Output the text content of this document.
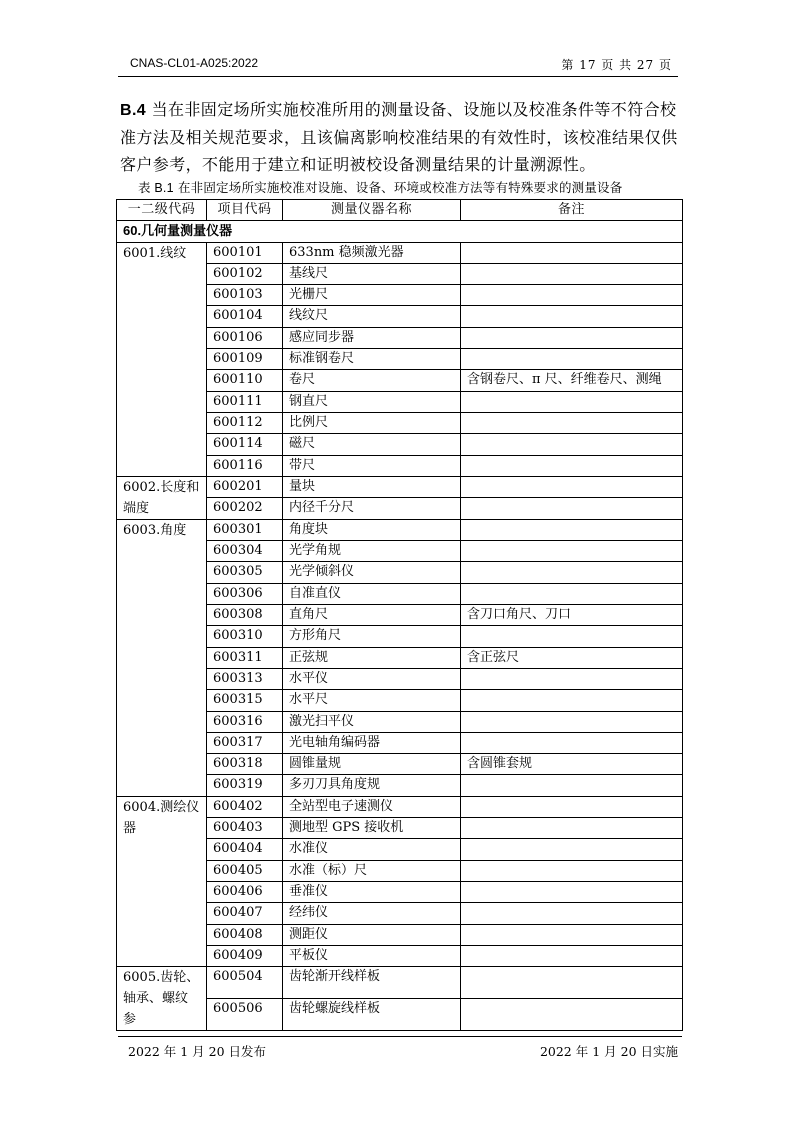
CNAS-CL01-A025:2022	第 17 页 共 27 页
B.4 当在非固定场所实施校准所用的测量设备、设施以及校准条件等不符合校准方法及相关规范要求，且该偏离影响校准结果的有效性时，该校准结果仅供客户参考，不能用于建立和证明被校设备测量结果的计量溯源性。
表 B.1 在非固定场所实施校准对设施、设备、环境或校准方法等有特殊要求的测量设备
一二级代码	项目代码	测量仪器名称	备注
60.几何量测量仪器			
6001.线纹	600101	633nm 稳频激光器	
	600102	基线尺	
	600103	光栅尺	
	600104	线纹尺	
	600106	感应同步器	
	600109	标准钢卷尺	
	600110	卷尺	含钢卷尺、π 尺、纤维卷尺、测绳
	600111	钢直尺	
	600112	比例尺	
	600114	磁尺	
	600116	带尺	
6002.长度和端度	600201	量块	
	600202	内径千分尺	
6003.角度	600301	角度块	
	600304	光学角规	
	600305	光学倾斜仪	
	600306	自准直仪	
	600308	直角尺	含刀口角尺、刀口
	600310	方形角尺	
	600311	正弦规	含正弦尺
	600313	水平仪	
	600315	水平尺	
	600316	激光扫平仪	
	600317	光电轴角编码器	
	600318	圆锥量规	含圆锥套规
	600319	多刃刀具角度规	
6004.测绘仪器	600402	全站型电子速测仪	
	600403	测地型 GPS 接收机	
	600404	水准仪	
	600405	水准（标）尺	
	600406	垂准仪	
	600407	经纬仪	
	600408	测距仪	
	600409	平板仪	
6005.齿轮、轴承、螺纹参	600504	齿轮渐开线样板	
	600506	齿轮螺旋线样板	
2022 年 1 月 20 日发布	2022 年 1 月 20 日实施
